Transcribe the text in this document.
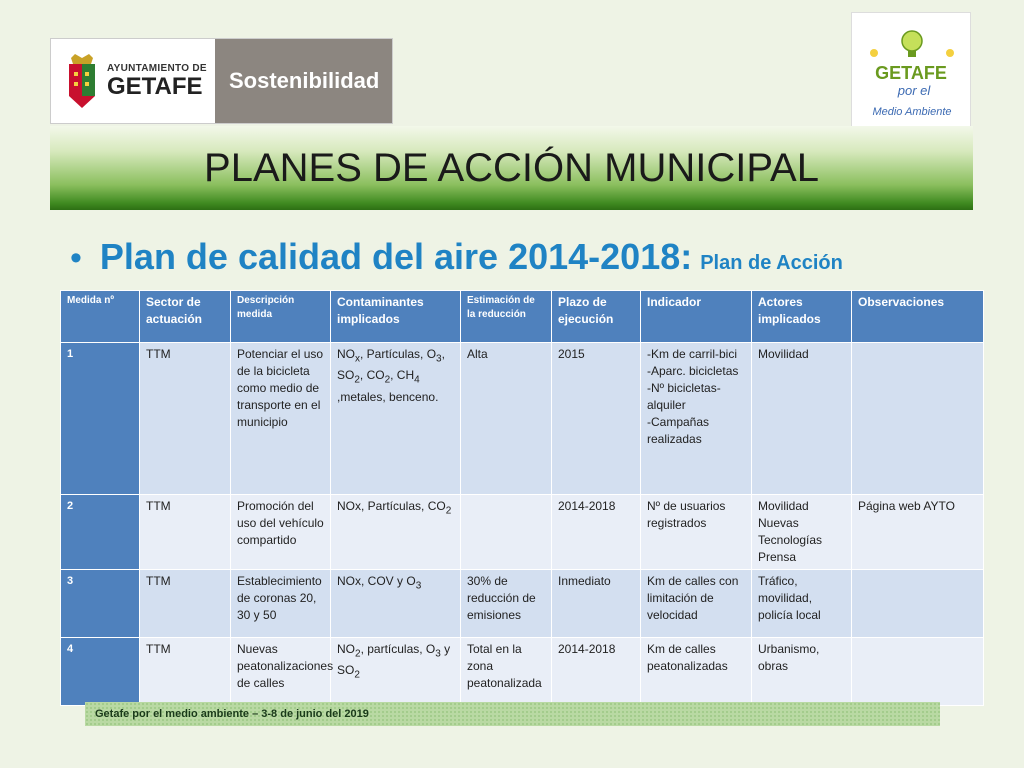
AYUNTAMIENTO DE
GETAFE	Sostenibilidad	GETAFE
por el
Medio Ambiente
PLANES DE ACCIÓN MUNICIPAL
• Plan de calidad del aire 2014-2018: Plan de Acción
Medida nº	Sector de actuación	Descripción medida	Contaminantes implicados	Estimación de la reducción	Plazo de ejecución	Indicador	Actores implicados	Observaciones
1	TTM	Potenciar el uso de la bicicleta como medio de transporte en el municipio	$NO_x$, Partículas, $O_3$, $SO_2$, $CO_2$, $CH_4$ ,metales, benceno.	Alta	2015	-Km de carril-bici
-Aparc. bicicletas
-Nº bicicletas-alquiler
-Campañas realizadas	Movilidad	
2	TTM	Promoción del uso del vehículo compartido	NOx, Partículas, $CO_2$		2014-2018	Nº de usuarios registrados	Movilidad
Nuevas Tecnologías
Prensa	Página web AYTO
3	TTM	Establecimiento de coronas 20, 30 y 50	NOx, COV y $O_3$	30% de reducción de emisiones	Inmediato	Km de calles con limitación de velocidad	Tráfico, movilidad, policía local	
4	TTM	Nuevas peatonalizaciones de calles	$NO_2$, partículas, $O_3$ y $SO_2$	Total en la zona peatonalizada	2014-2018	Km de calles peatonalizadas	Urbanismo, obras	
Getafe por el medio ambiente – 3-8 de junio del 2019
